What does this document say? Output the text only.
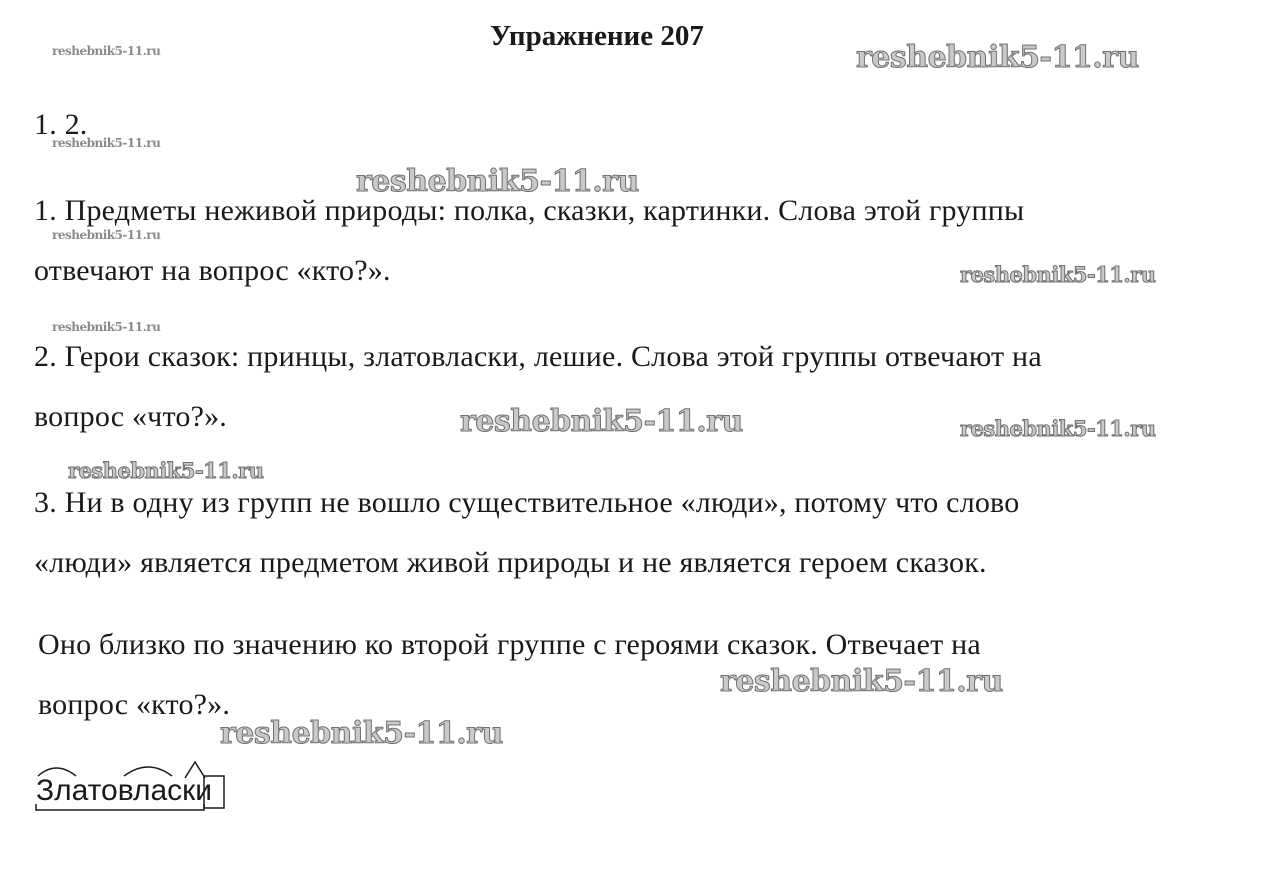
Упражнение 207
reshebnik5-11.ru	reshebnik5-11.ru
reshebnik5-11.ru
reshebnik5-11.ru
reshebnik5-11.ru
reshebnik5-11.ru
reshebnik5-11.ru
reshebnik5-11.ru	reshebnik5-11.ru
reshebnik5-11.ru
reshebnik5-11.ru
reshebnik5-11.ru
1. 2.
1. Предметы неживой природы: полка, сказки, картинки. Слова этой группы
отвечают на вопрос «кто?».
2. Герои сказок: принцы, златовласки, лешие. Слова этой группы отвечают на
вопрос «что?».
3. Ни в одну из групп не вошло существительное «люди», потому что слово
«люди» является предметом живой природы и не является героем сказок.
Оно близко по значению ко второй группе с героями сказок. Отвечает на
вопрос «кто?».
Златовласки
